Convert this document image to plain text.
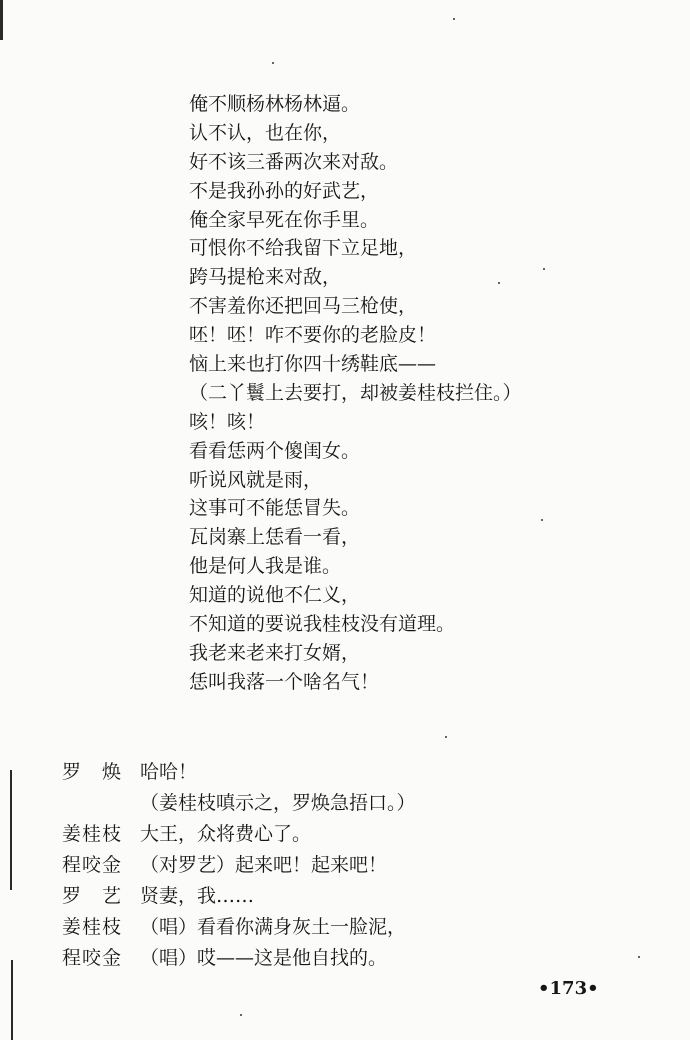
俺不顺杨林杨林逼。
认不认，也在你，
好不该三番两次来对敌。
不是我孙孙的好武艺，
俺全家早死在你手里。
可恨你不给我留下立足地，
跨马提枪来对敌，
不害羞你还把回马三枪使，
呸！呸！咋不要你的老脸皮！
恼上来也打你四十绣鞋底——
（二丫鬟上去要打，却被姜桂枝拦住。）
咳！咳！
看看恁两个傻闺女。
听说风就是雨，
这事可不能恁冒失。
瓦岗寨上恁看一看，
他是何人我是谁。
知道的说他不仁义，
不知道的要说我桂枝没有道理。
我老来老来打女婿，
恁叫我落一个啥名气！
罗　焕 哈哈！
（姜桂枝嗔示之，罗焕急捂口。）
姜桂枝 大王，众将费心了。
程咬金 （对罗艺）起来吧！起来吧！
罗　艺 贤妻，我……
姜桂枝 （唱）看看你满身灰土一脸泥，
程咬金 （唱）哎——这是他自找的。
•173•
